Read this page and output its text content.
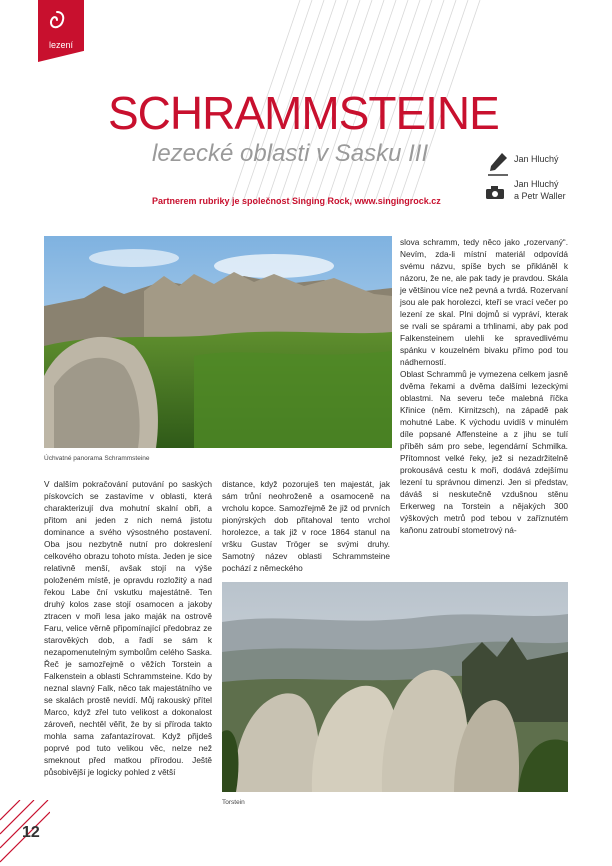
lezení
SCHRAMMSTEINE
lezecké oblasti v Sasku III	Jan Hluchý
Jan Hluchý
a Petr Waller
Partnerem rubriky je společnost Singing Rock, www.singingrock.cz
Úchvatné panorama Schrammsteine

slova schramm, tedy něco jako „rozervaný“. Nevím, zda-li místní materiál odpovídá svému názvu, spíše bych se přikláněl k názoru, že ne, ale pak tady je pravdou. Skála je většinou více než pevná a tvrdá. Rozervaní jsou ale pak horolezci, kteří se vrací večer po lezení ze skal. Plni dojmů si vypráví, kterak se rvali se spárami a trhlinami, aby pak pod Falkensteinem ulehli ke spravedlivému spánku v kouzelném bivaku přímo pod tou nádherností.

Oblast Schrammů je vymezena celkem jasně dvěma řekami a dvěma dalšími lezeckými oblastmi. Na severu teče malebná říčka Křinice (něm. Kirnitzsch), na západě pak mohutné Labe. K východu uvidíš v minulém díle popsané Affensteine a z jihu se tulí příběh sám pro sebe, legendární Schmilka. Přítomnost velké řeky, jež si nezadržitelně prokousává cestu k moři, dodává zdejšímu lezení tu správnou dimenzi. Jen si představ, dáváš si neskutečně vzdušnou stěnu Erkerweg na Torstein a nějakých 300 výškových metrů pod tebou v zaříznutém kaňonu zatroubí stometrový ná-

V dalším pokračování putování po saských pískovcích se zastavíme v oblasti, která charakterizují dva mohutní skalní obři, a přitom ani jeden z nich nemá jistotu dominance a svého výsostného postavení. Oba jsou nezbytně nutní pro dokreslení celkového obrazu tohoto místa. Jeden je sice relativně menší, avšak stojí na výše položeném místě, je opravdu rozložitý a nad řekou Labe ční vskutku majestátně. Ten druhý kolos zase stojí osamocen a jakoby ztracen v moři lesa jako maják na ostrově Faru, velice věrně připomínající předobraz ze starověkých dob, a řadí se sám k nezapomenutelným symbolům celého Saska. Řeč je samozřejmě o věžích Torstein a Falkenstein a oblasti Schrammsteine. Kdo by neznal slavný Falk, něco tak majestátního ve se skalách prostě nevidí. Můj rakouský přítel Marco, když zřel tuto velikost a dokonalost zároveň, nechtěl věřit, že by si příroda takto mohla sama zafantazírovat. Když přijdeš poprvé pod tuto velikou věc, nelze než smeknout před matkou přírodou. Ještě působivější je logicky pohled z větší

distance, když pozoruješ ten majestát, jak sám trůní neohroženě a osamoceně na vrcholu kopce. Samozřejmě že již od prvních pionýrských dob přitahoval tento vrchol horolezce, a tak již v roce 1864 stanul na vršku Gustav Tröger se svými druhy. Samotný název oblasti Schrammsteine pochází z německého

Torstein
12
